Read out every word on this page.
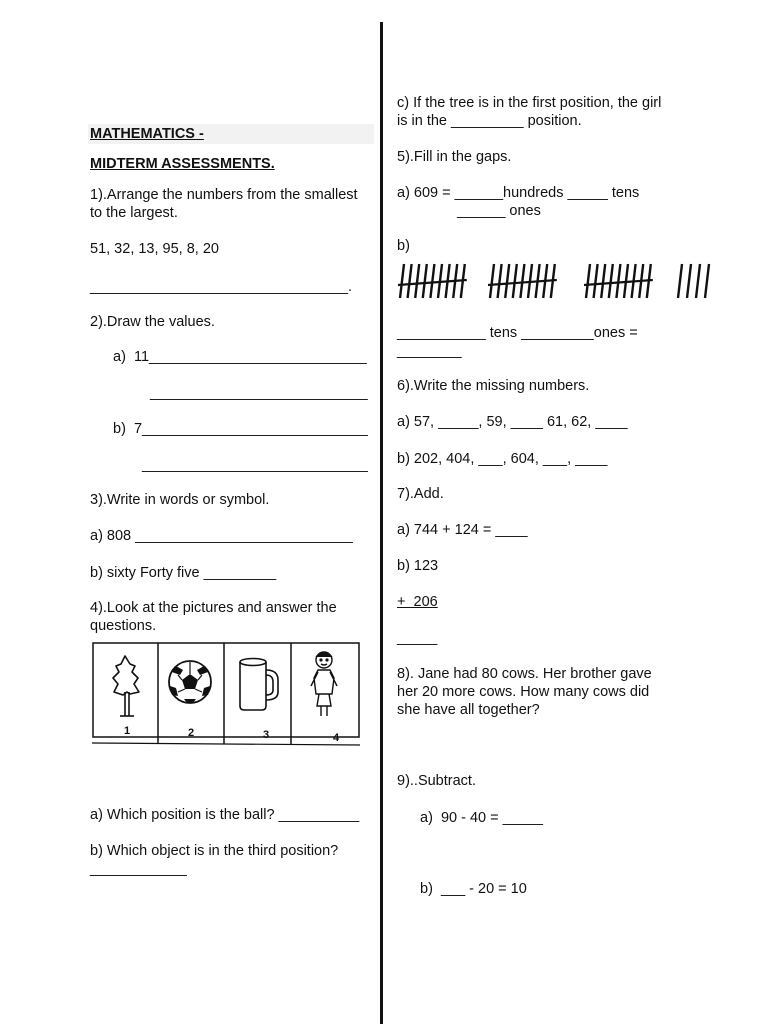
MATHEMATICS -
MIDTERM ASSESSMENTS.
1).Arrange the numbers from the smallest
to the largest.
51, 32, 13, 95, 8, 20
________________________________.
2).Draw the values.
a)  11___________________________
___________________________
b)  7____________________________
____________________________
3).Write in words or symbol.
a) 808 ___________________________
b) sixty Forty five _________
4).Look at the pictures and answer the
questions.
1	2	3	4
a) Which position is the ball? __________
b) Which object is in the third position?
____________
c) If the tree is in the first position, the girl
is in the _________ position.
5).Fill in the gaps.
a) 609 = ______hundreds _____ tens
______ ones
b)
___________ tens _________ones =
________
6).Write the missing numbers.
a) 57, _____, 59, ____ 61, 62, ____
b) 202, 404, ___, 604, ___, ____
7).Add.
a) 744 + 124 = ____
b) 123
+  206
_____
8). Jane had 80 cows. Her brother gave
her 20 more cows. How many cows did
she have all together?
9)..Subtract.
a)  90 - 40 = _____
b)  ___ - 20 = 10
